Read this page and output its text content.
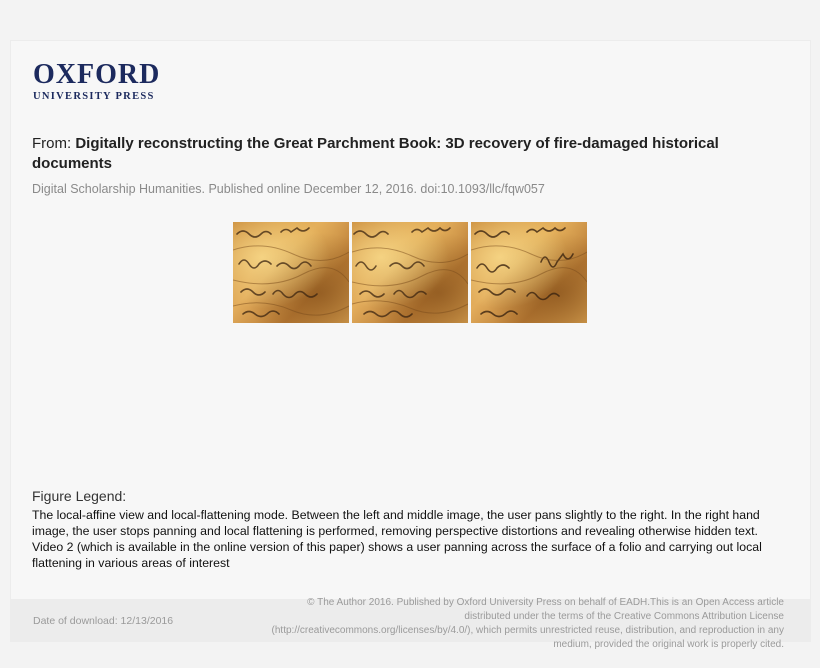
OXFORD
UNIVERSITY PRESS
From: Digitally reconstructing the Great Parchment Book: 3D recovery of fire-damaged historical documents
Digital Scholarship Humanities. Published online December 12, 2016. doi:10.1093/llc/fqw057
Figure Legend:
The local-affine view and local-flattening mode. Between the left and middle image, the user pans slightly to the right. In the right hand image, the user stops panning and local flattening is performed, removing perspective distortions and revealing otherwise hidden text. Video 2 (which is available in the online version of this paper) shows a user panning across the surface of a folio and carrying out local flattening in various areas of interest
Date of download: 12/13/2016
© The Author 2016. Published by Oxford University Press on behalf of EADH.This is an Open Access article distributed under the terms of the Creative Commons Attribution License (http://creativecommons.org/licenses/by/4.0/), which permits unrestricted reuse, distribution, and reproduction in any medium, provided the original work is properly cited.
